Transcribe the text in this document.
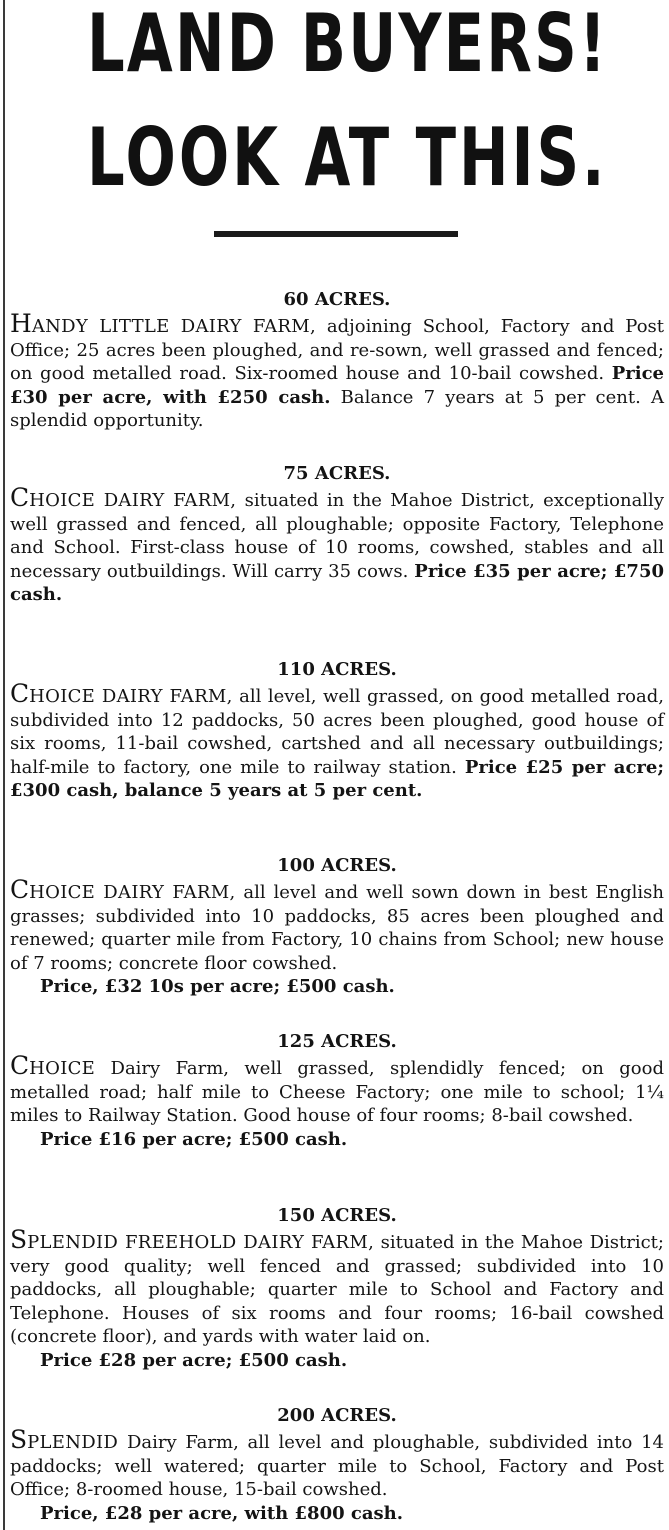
LAND BUYERS!
LOOK AT THIS.
60 ACRES.

HANDY LITTLE DAIRY FARM, adjoining School, Factory and Post Office; 25 acres been ploughed, and re-sown, well grassed and fenced; on good metalled road. Six-roomed house and 10-bail cowshed. Price £30 per acre, with £250 cash. Balance 7 years at 5 per cent. A splendid opportunity.

75 ACRES.

CHOICE DAIRY FARM, situated in the Mahoe District, exceptionally well grassed and fenced, all ploughable; opposite Factory, Telephone and School. First-class house of 10 rooms, cowshed, stables and all necessary outbuildings. Will carry 35 cows. Price £35 per acre; £750 cash.

110 ACRES.

CHOICE DAIRY FARM, all level, well grassed, on good metalled road, subdivided into 12 paddocks, 50 acres been ploughed, good house of six rooms, 11-bail cowshed, cartshed and all necessary outbuildings; half-mile to factory, one mile to railway station. Price £25 per acre; £300 cash, balance 5 years at 5 per cent.

100 ACRES.

CHOICE DAIRY FARM, all level and well sown down in best English grasses; subdivided into 10 paddocks, 85 acres been ploughed and renewed; quarter mile from Factory, 10 chains from School; new house of 7 rooms; concrete floor cowshed.

Price, £32 10s per acre; £500 cash.
125 ACRES.

CHOICE Dairy Farm, well grassed, splendidly fenced; on good metalled road; half mile to Cheese Factory; one mile to school; 1¼ miles to Railway Station. Good house of four rooms; 8-bail cowshed.

Price £16 per acre; £500 cash.
150 ACRES.

SPLENDID FREEHOLD DAIRY FARM, situated in the Mahoe District; very good quality; well fenced and grassed; subdivided into 10 paddocks, all ploughable; quarter mile to School and Factory and Telephone. Houses of six rooms and four rooms; 16-bail cowshed (concrete floor), and yards with water laid on.

Price £28 per acre; £500 cash.
200 ACRES.

SPLENDID Dairy Farm, all level and ploughable, subdivided into 14 paddocks; well watered; quarter mile to School, Factory and Post Office; 8-roomed house, 15-bail cowshed.

Price, £28 per acre, with £800 cash.
